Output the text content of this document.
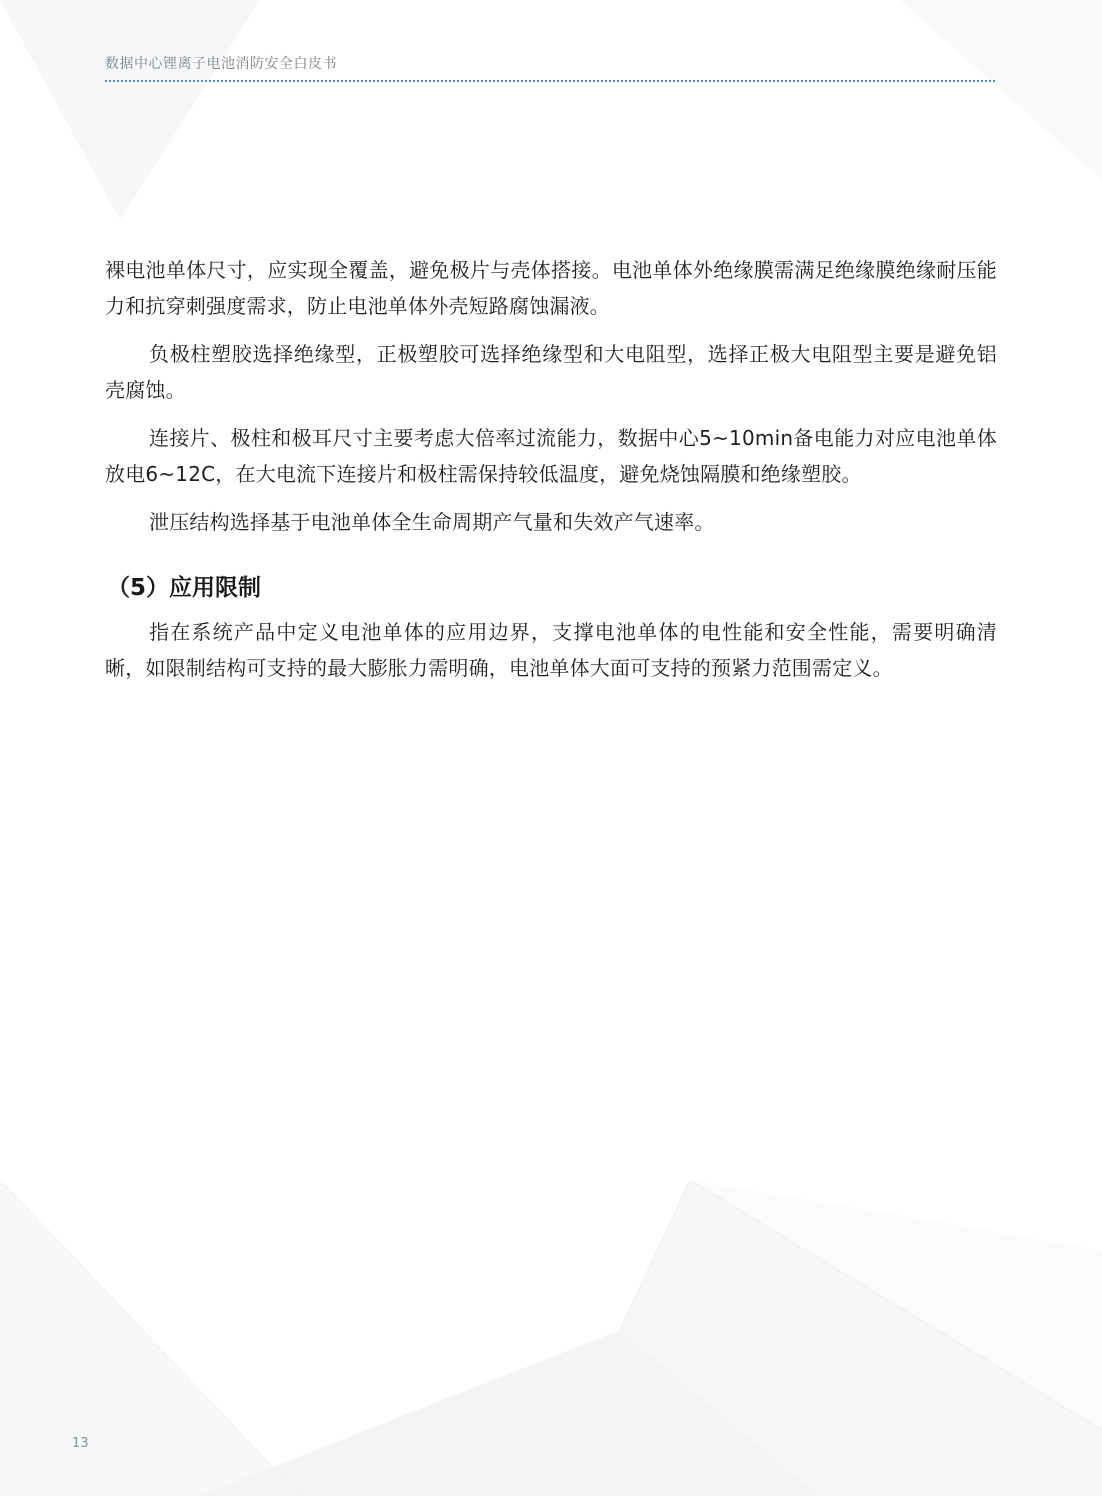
数据中心锂离子电池消防安全白皮书

裸电池单体尺寸，应实现全覆盖，避免极片与壳体搭接。电池单体外绝缘膜需满足绝缘膜绝缘耐压能力和抗穿刺强度需求，防止电池单体外壳短路腐蚀漏液。

负极柱塑胶选择绝缘型，正极塑胶可选择绝缘型和大电阻型，选择正极大电阻型主要是避免铝壳腐蚀。

连接片、极柱和极耳尺寸主要考虑大倍率过流能力，数据中心5~10min备电能力对应电池单体放电6~12C，在大电流下连接片和极柱需保持较低温度，避免烧蚀隔膜和绝缘塑胶。

泄压结构选择基于电池单体全生命周期产气量和失效产气速率。

（5）应用限制

指在系统产品中定义电池单体的应用边界，支撑电池单体的电性能和安全性能，需要明确清晰，如限制结构可支持的最大膨胀力需明确，电池单体大面可支持的预紧力范围需定义。

13
